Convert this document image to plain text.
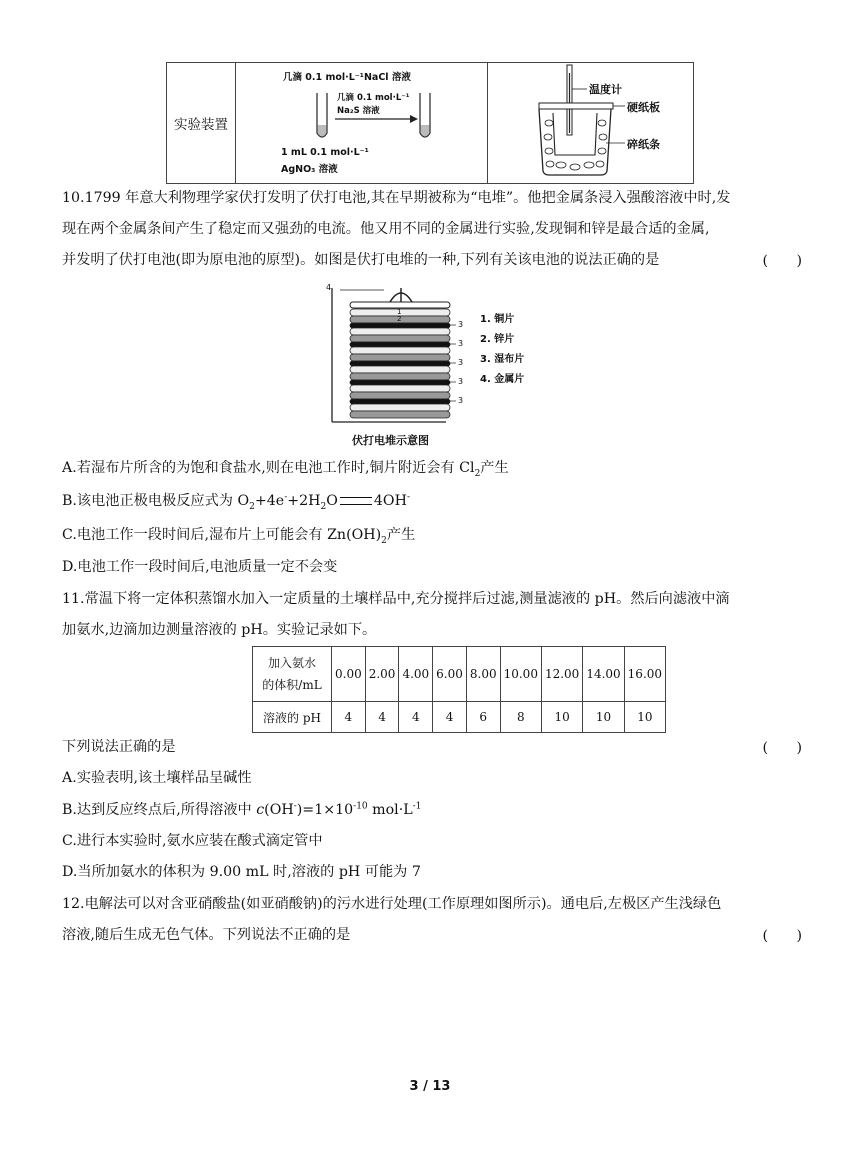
实验装置
几滴 0.1 mol·L⁻¹NaCl 溶液
几滴 0.1 mol·L⁻¹
Na₂S 溶液
1 mL 0.1 mol·L⁻¹
AgNO₃ 溶液
温度计
硬纸板
碎纸条
10.1799 年意大利物理学家伏打发明了伏打电池,其在早期被称为“电堆”。他把金属条浸入强酸溶液中时,发
现在两个金属条间产生了稳定而又强劲的电流。他又用不同的金属进行实验,发现铜和锌是最合适的金属,
并发明了伏打电池(即为原电池的原型)。如图是伏打电堆的一种,下列有关该电池的说法正确的是	(　　)
4
1
2
3
3
3
3
3
1. 铜片
2. 锌片
3. 湿布片
4. 金属片
伏打电堆示意图
A.若湿布片所含的为饱和食盐水,则在电池工作时,铜片附近会有 $Cl_2$产生
B.该电池正极电极反应式为 $O_2+4e^-+2H_2O$	4OH-
C.电池工作一段时间后,湿布片上可能会有 $Zn(OH)_2$产生
D.电池工作一段时间后,电池质量一定不会变
11.常温下将一定体积蒸馏水加入一定质量的土壤样品中,充分搅拌后过滤,测量滤液的 pH。然后向滤液中滴
加氨水,边滴加边测量溶液的 pH。实验记录如下。
加入氨水
的体积/mL	0.00	2.00	4.00	6.00	8.00	10.00	12.00	14.00	16.00
溶液的 pH	4	4	4	4	6	8	10	10	10
下列说法正确的是	(　　)
A.实验表明,该土壤样品呈碱性
B.达到反应终点后,所得溶液中 $c(OH^-)=1\times 10^{-10}$ $mol\cdot L^{-1}$
C.进行本实验时,氨水应装在酸式滴定管中
D.当所加氨水的体积为 9.00 mL 时,溶液的 pH 可能为 7
12.电解法可以对含亚硝酸盐(如亚硝酸钠)的污水进行处理(工作原理如图所示)。通电后,左极区产生浅绿色
溶液,随后生成无色气体。下列说法不正确的是	(　　)
3 / 13
